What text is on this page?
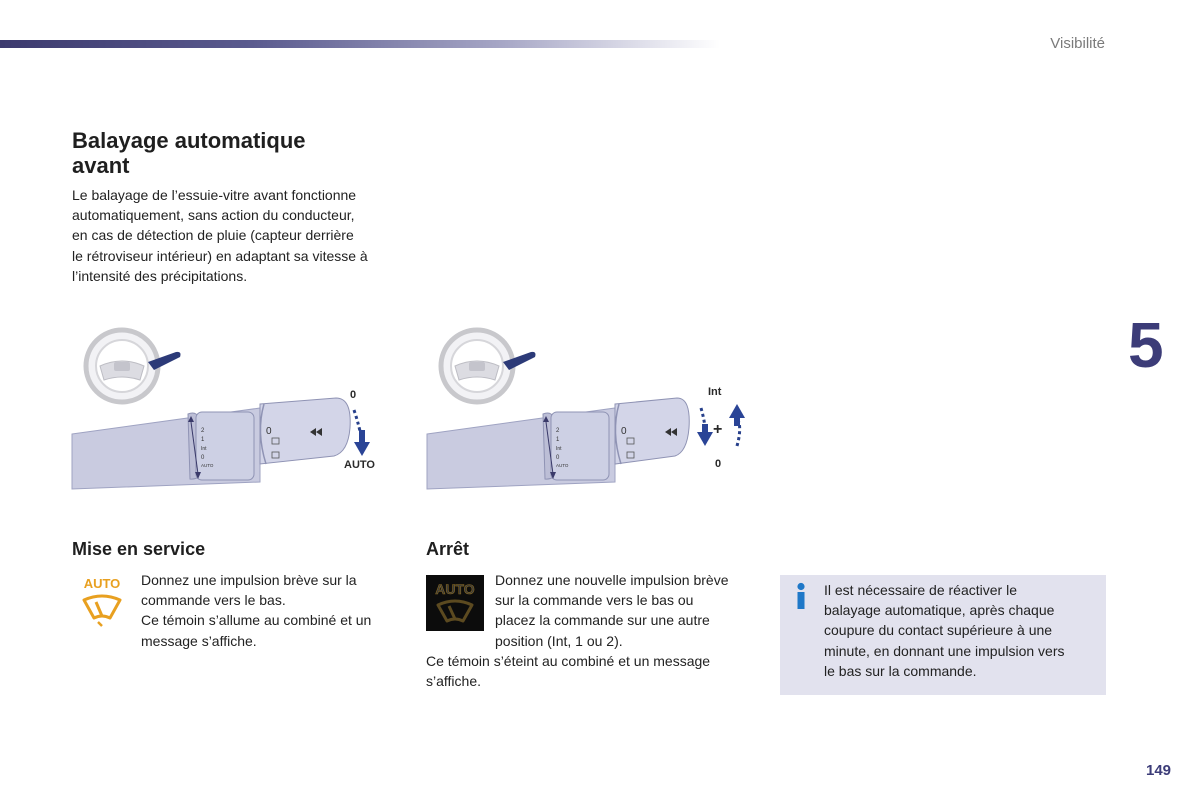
Visibilité
5
Balayage automatique
avant
Le balayage de l’essuie-vitre avant fonctionne
automatiquement, sans action du conducteur,
en cas de détection de pluie (capteur derrière
le rétroviseur intérieur) en adaptant sa vitesse à
l’intensité des précipitations.
2
1
Int
0
AUTO
0
0
AUTO
2
1
Int
0
AUTO
0
Int
+
0
Mise en service	Arrêt
AUTO Donnez une impulsion brève sur la
commande vers le bas.
Ce témoin s’allume au combiné et un
message s’affiche.
AUTO
Donnez une nouvelle impulsion brève
sur la commande vers le bas ou
placez la commande sur une autre
position (Int, 1 ou 2).
Ce témoin s’éteint au combiné et un message
s’affiche.
Il est nécessaire de réactiver le
balayage automatique, après chaque
coupure du contact supérieure à une
minute, en donnant une impulsion vers
le bas sur la commande.
149
